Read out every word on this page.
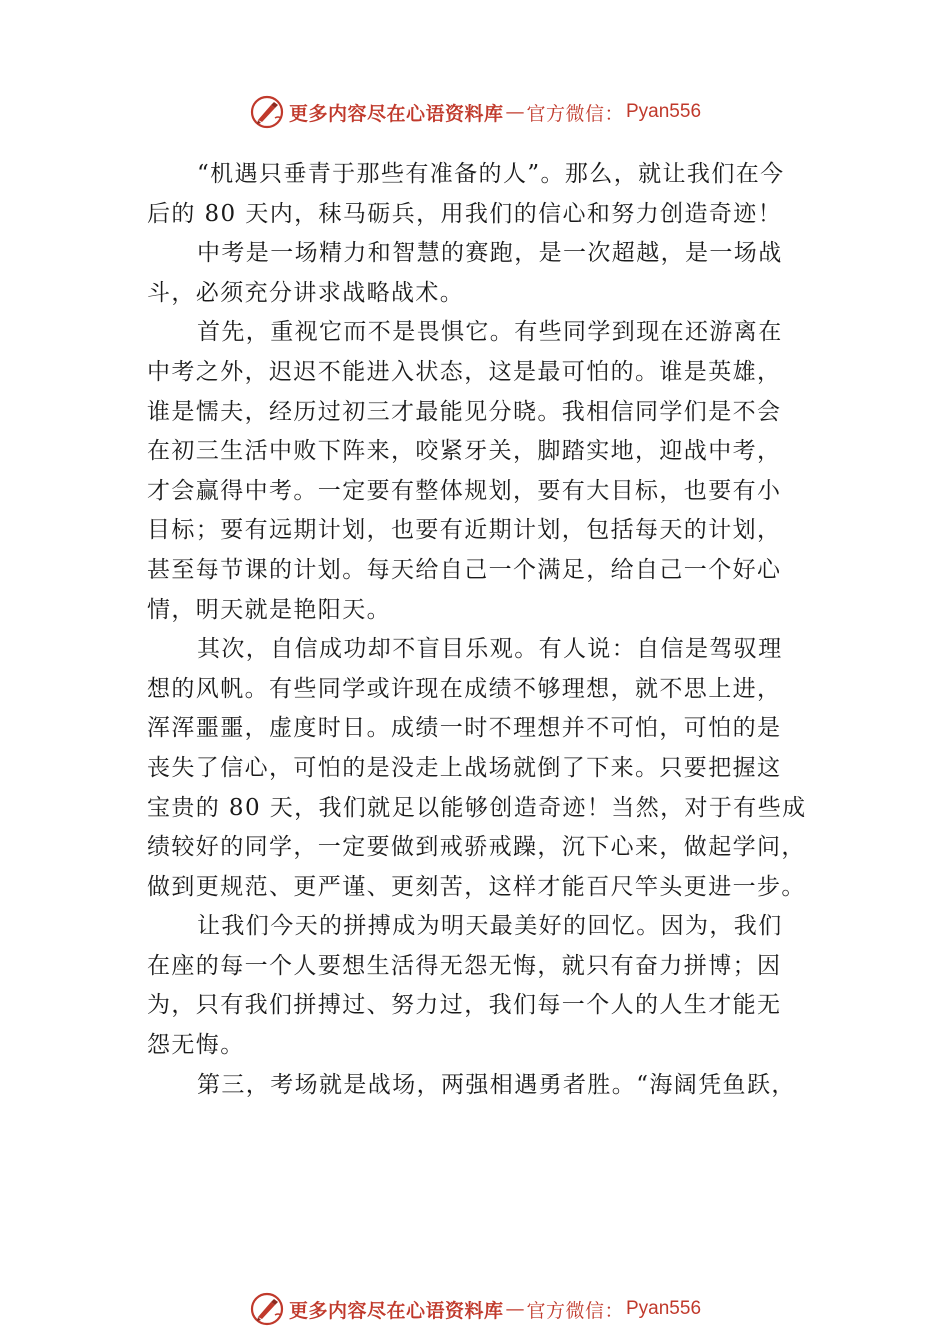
更多内容尽在心语资料库 — 官方微信： Pyan556
“机遇只垂青于那些有准备的人”。那么，就让我们在今
后的 80 天内，秣马砺兵，用我们的信心和努力创造奇迹！
中考是一场精力和智慧的赛跑，是一次超越，是一场战
斗，必须充分讲求战略战术。
首先，重视它而不是畏惧它。有些同学到现在还游离在
中考之外，迟迟不能进入状态，这是最可怕的。谁是英雄，
谁是懦夫，经历过初三才最能见分晓。我相信同学们是不会
在初三生活中败下阵来，咬紧牙关，脚踏实地，迎战中考，
才会赢得中考。一定要有整体规划，要有大目标，也要有小
目标；要有远期计划，也要有近期计划，包括每天的计划，
甚至每节课的计划。每天给自己一个满足，给自己一个好心
情，明天就是艳阳天。
其次，自信成功却不盲目乐观。有人说：自信是驾驭理
想的风帆。有些同学或许现在成绩不够理想，就不思上进，
浑浑噩噩，虚度时日。成绩一时不理想并不可怕，可怕的是
丧失了信心，可怕的是没走上战场就倒了下来。只要把握这
宝贵的 80 天，我们就足以能够创造奇迹！当然，对于有些成
绩较好的同学，一定要做到戒骄戒躁，沉下心来，做起学问，
做到更规范、更严谨、更刻苦，这样才能百尺竿头更进一步。
让我们今天的拼搏成为明天最美好的回忆。因为，我们
在座的每一个人要想生活得无怨无悔，就只有奋力拼博；因
为，只有我们拼搏过、努力过，我们每一个人的人生才能无
怨无悔。
第三，考场就是战场，两强相遇勇者胜。“海阔凭鱼跃，
更多内容尽在心语资料库 — 官方微信： Pyan556
